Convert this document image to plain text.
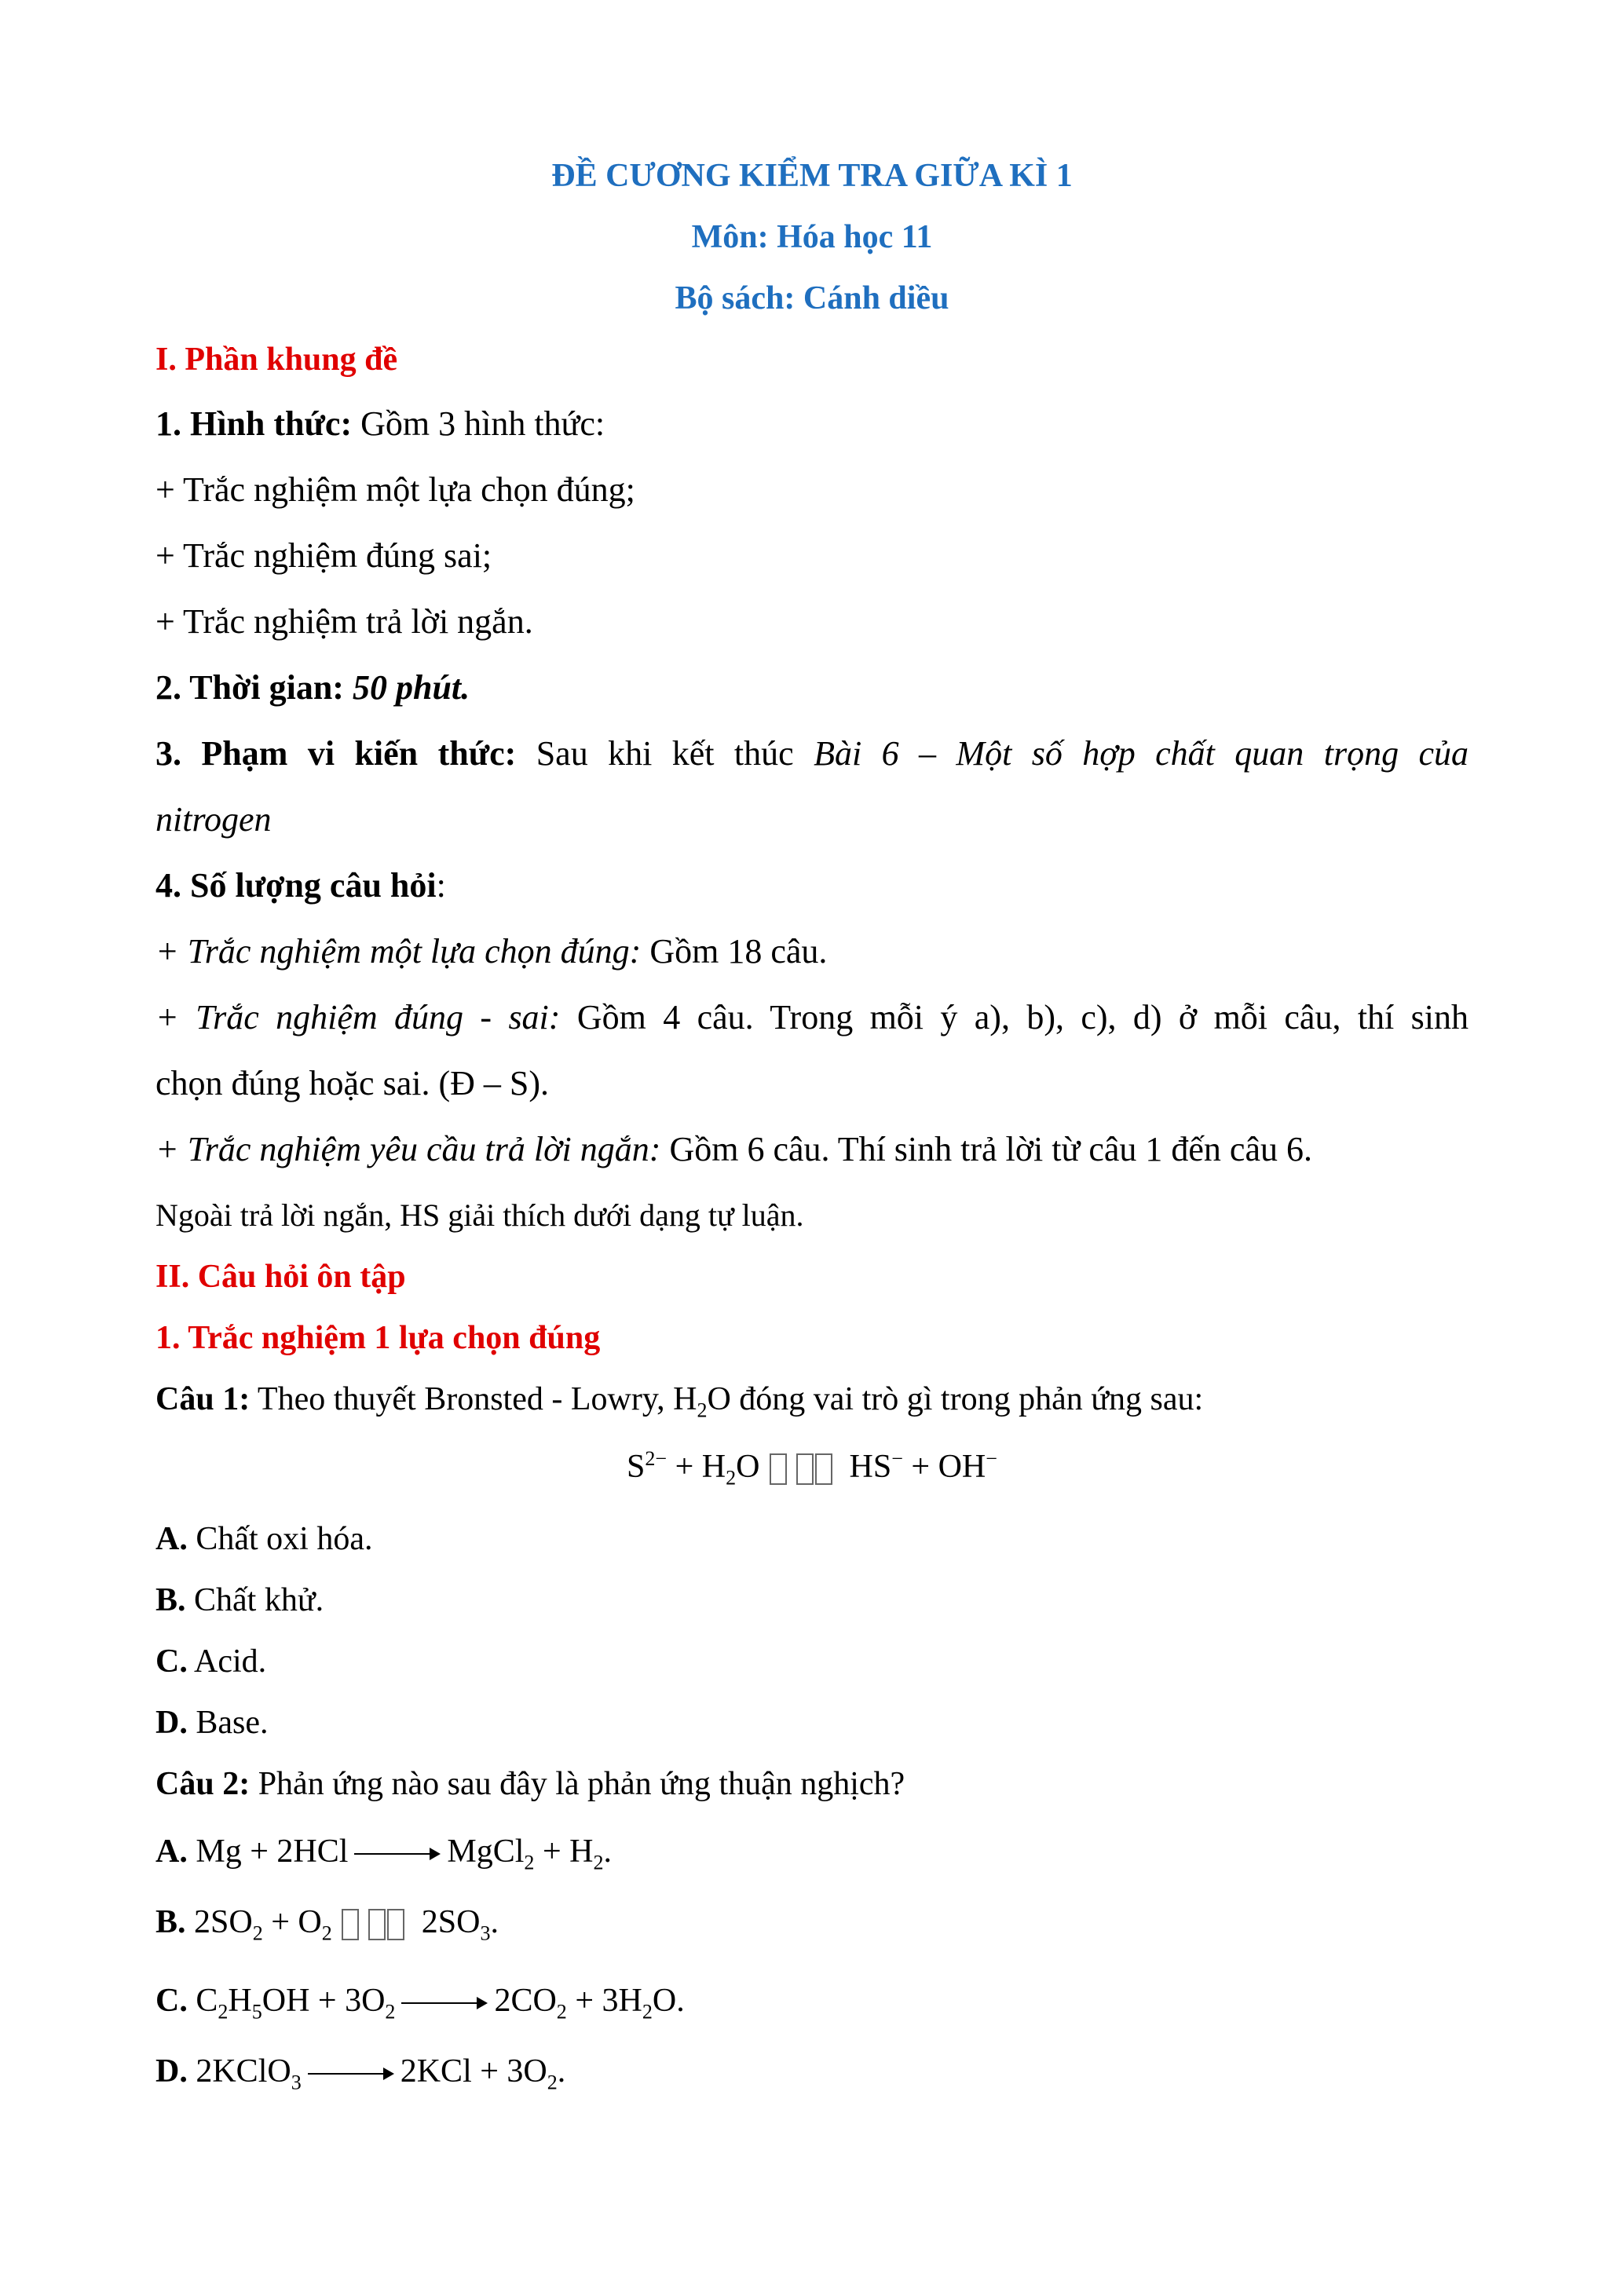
ĐỀ CƯƠNG KIỂM TRA GIỮA KÌ 1
Môn: Hóa học 11
Bộ sách: Cánh diều
I. Phần khung đề
1. Hình thức: Gồm 3 hình thức:
+ Trắc nghiệm một lựa chọn đúng;
+ Trắc nghiệm đúng sai;
+ Trắc nghiệm trả lời ngắn.
2. Thời gian: 50 phút.
3. Phạm vi kiến thức: Sau khi kết thúc Bài 6 – Một số hợp chất quan trọng của
nitrogen
4. Số lượng câu hỏi:
+ Trắc nghiệm một lựa chọn đúng: Gồm 18 câu.
+ Trắc nghiệm đúng - sai: Gồm 4 câu. Trong mỗi ý a), b), c), d) ở mỗi câu, thí sinh
chọn đúng hoặc sai. (Đ – S).
+ Trắc nghiệm yêu cầu trả lời ngắn: Gồm 6 câu. Thí sinh trả lời từ câu 1 đến câu 6.
Ngoài trả lời ngắn, HS giải thích dưới dạng tự luận.
II. Câu hỏi ôn tập
1. Trắc nghiệm 1 lựa chọn đúng
Câu 1: Theo thuyết Bronsted - Lowry, $H_2O$ đóng vai trò gì trong phản ứng sau:
$S^{2-} + H_2O$	HS− + OH−
A. Chất oxi hóa.
B. Chất khử.
C. Acid.
D. Base.
Câu 2: Phản ứng nào sau đây là phản ứng thuận nghịch?
A. Mg + 2HCl	MgCl$_2$ + $H_2$.
B. $2SO_2 + O_2$	$2SO_3$.
C. $C_2H_5OH + 3O_2$	$2CO_2 + 3H_2O$.
D. 2KClO$_3$	$2KCl + 3O_2$.
